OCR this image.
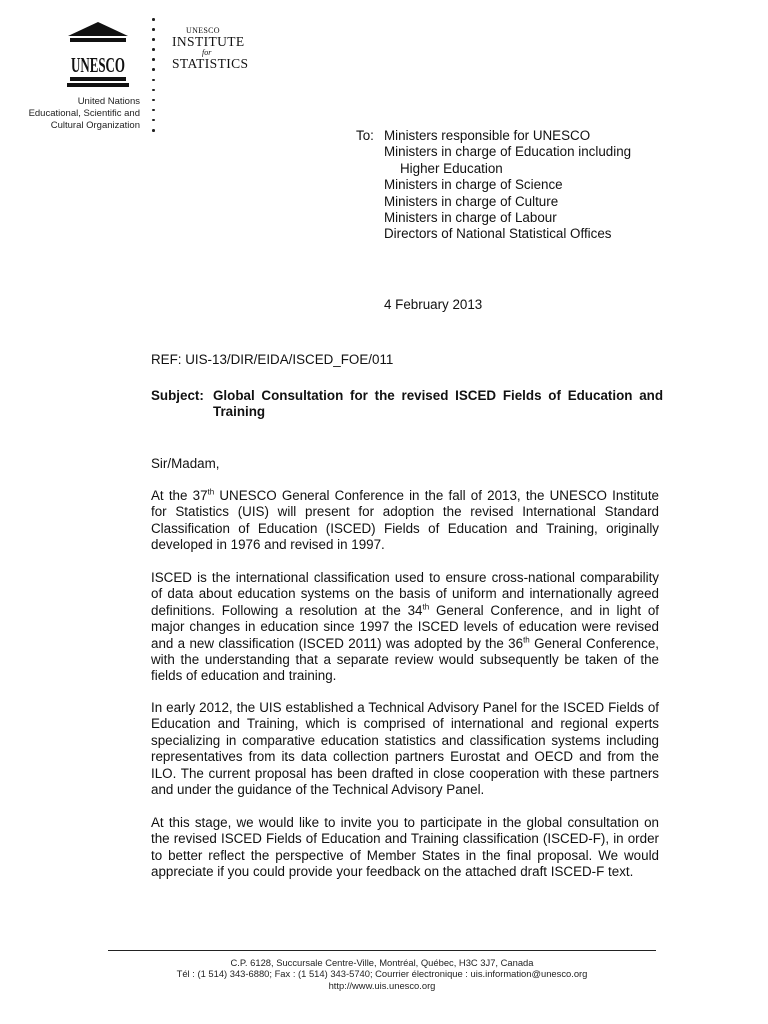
UNESCO
United Nations
Educational, Scientific and
Cultural Organization
UNESCO
INSTITUTE
for
STATISTICS
To: Ministers responsible for UNESCO
Ministers in charge of Education including
Higher Education
Ministers in charge of Science
Ministers in charge of Culture
Ministers in charge of Labour
Directors of National Statistical Offices
4 February 2013
REF: UIS-13/DIR/EIDA/ISCED_FOE/011
Subject: Global Consultation for the revised ISCED Fields of Education and Training
Sir/Madam,
At the 37th UNESCO General Conference in the fall of 2013, the UNESCO Institute for Statistics (UIS) will present for adoption the revised International Standard Classification of Education (ISCED) Fields of Education and Training, originally developed in 1976 and revised in 1997.
ISCED is the international classification used to ensure cross-national comparability of data about education systems on the basis of uniform and internationally agreed definitions. Following a resolution at the 34th General Conference, and in light of major changes in education since 1997 the ISCED levels of education were revised and a new classification (ISCED 2011) was adopted by the 36th General Conference, with the understanding that a separate review would subsequently be taken of the fields of education and training.
In early 2012, the UIS established a Technical Advisory Panel for the ISCED Fields of Education and Training, which is comprised of international and regional experts specializing in comparative education statistics and classification systems including representatives from its data collection partners Eurostat and OECD and from the ILO. The current proposal has been drafted in close cooperation with these partners and under the guidance of the Technical Advisory Panel.
At this stage, we would like to invite you to participate in the global consultation on the revised ISCED Fields of Education and Training classification (ISCED-F), in order to better reflect the perspective of Member States in the final proposal. We would appreciate if you could provide your feedback on the attached draft ISCED-F text.
C.P. 6128, Succursale Centre-Ville, Montréal, Québec, H3C 3J7, Canada
Tél : (1 514) 343-6880; Fax : (1 514) 343-5740; Courrier électronique : uis.information@unesco.org
http://www.uis.unesco.org
